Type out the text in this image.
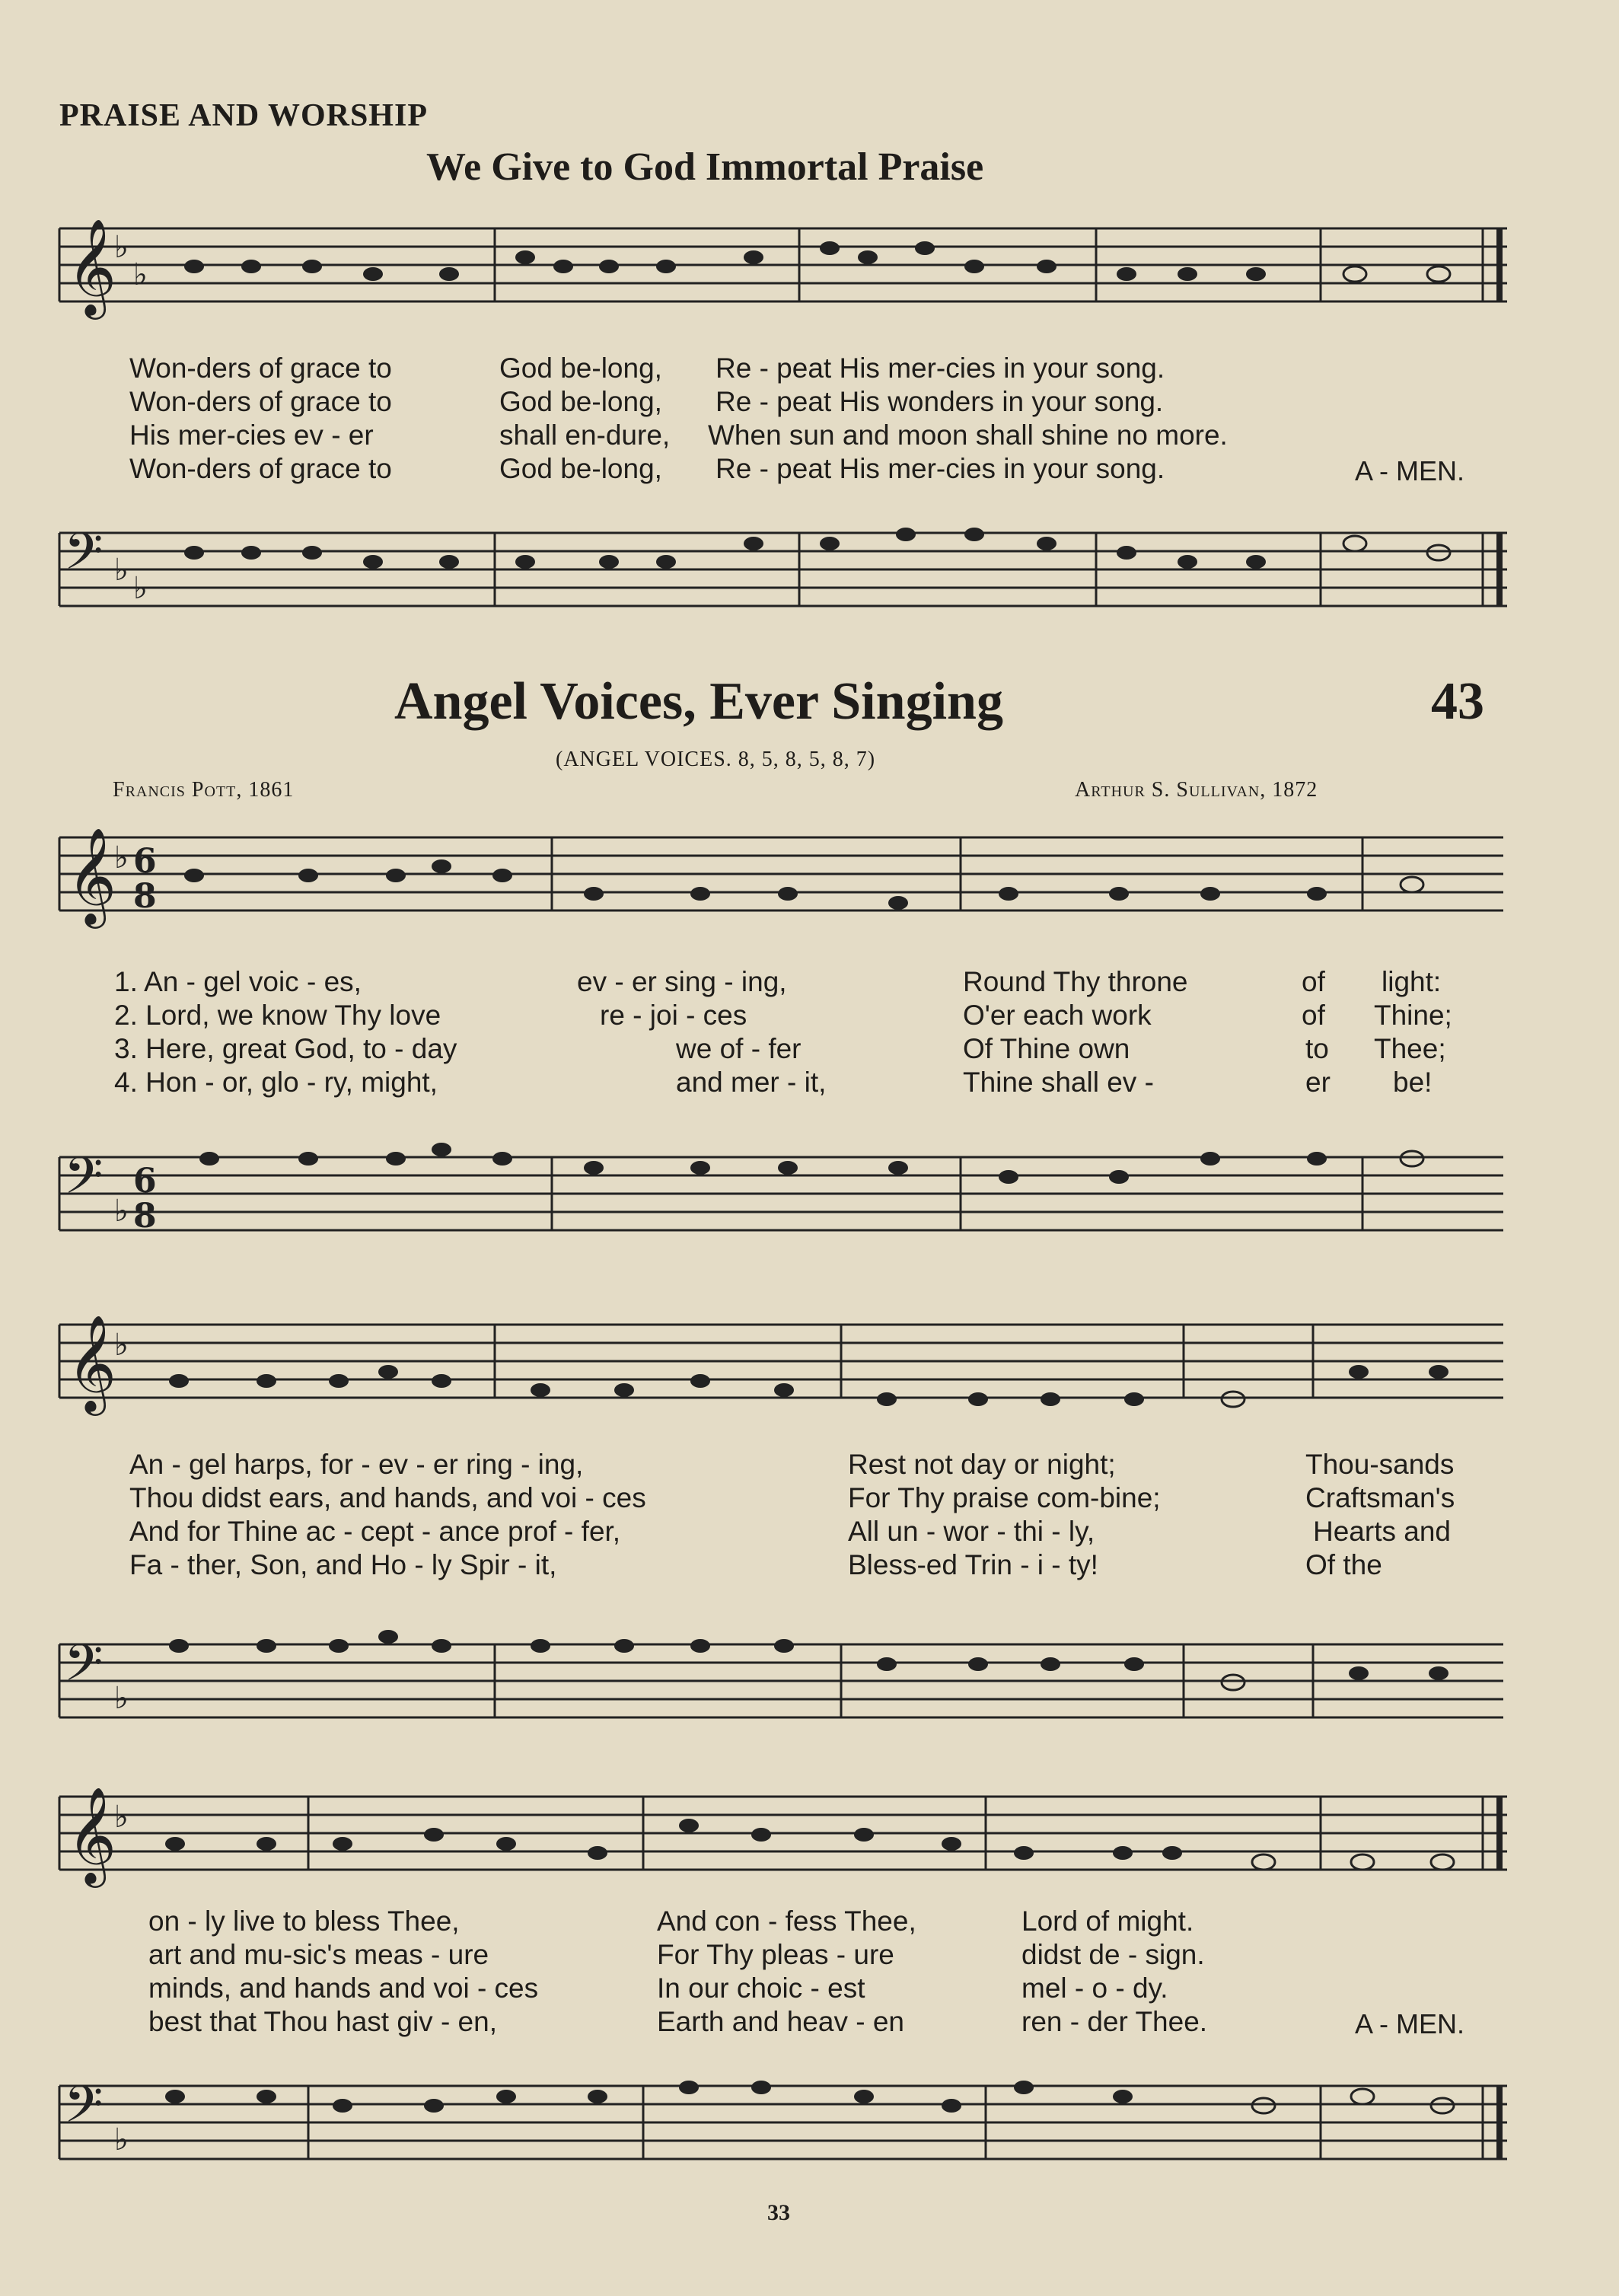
PRAISE AND WORSHIP
We Give to God Immortal Praise
𝄞
♭
♭
Won-ders of grace to	God be-long, Re - peat His mer-cies in your song.
Won-ders of grace to	God be-long, Re - peat His wonders in your song.
His mer-cies ev - er	shall en-dure, When sun and moon shall shine no more.
Won-ders of grace to	God be-long, Re - peat His mer-cies in your song.	A - MEN.
𝄢 ♭
♭
Angel Voices, Ever Singing	43
(ANGEL VOICES. 8, 5, 8, 5, 8, 7)
Francis Pott, 1861	Arthur S. Sullivan, 1872
𝄞
♭ 6
8
1. An - gel voic - es,	ev - er sing - ing,	Round Thy throne	of light:
2. Lord, we know Thy love	re - joi - ces	O'er each work	of Thine;
3. Here, great God, to - day	we of - fer	Of Thine own	to Thee;
4. Hon - or, glo - ry, might,	and mer - it,	Thine shall ev -	er be!
𝄢 ♭
6
8
𝄞
♭
An - gel harps, for - ev - er ring - ing,	Rest not day or night;	Thou-sands
Thou didst ears, and hands, and voi - ces	For Thy praise com-bine;	Craftsman's
And for Thine ac - cept - ance prof - fer,	All un - wor - thi - ly,	Hearts and
Fa - ther, Son, and Ho - ly Spir - it,	Bless-ed Trin - i - ty!	Of the
𝄢 ♭
𝄞
♭
on - ly live to bless Thee,	And con - fess Thee,	Lord of might.
art and mu-sic's meas - ure	For Thy pleas - ure	didst de - sign.
minds, and hands and voi - ces	In our choic - est	mel - o - dy.
best that Thou hast giv - en,	Earth and heav - en	ren - der Thee.	A - MEN.
𝄢 ♭
33
